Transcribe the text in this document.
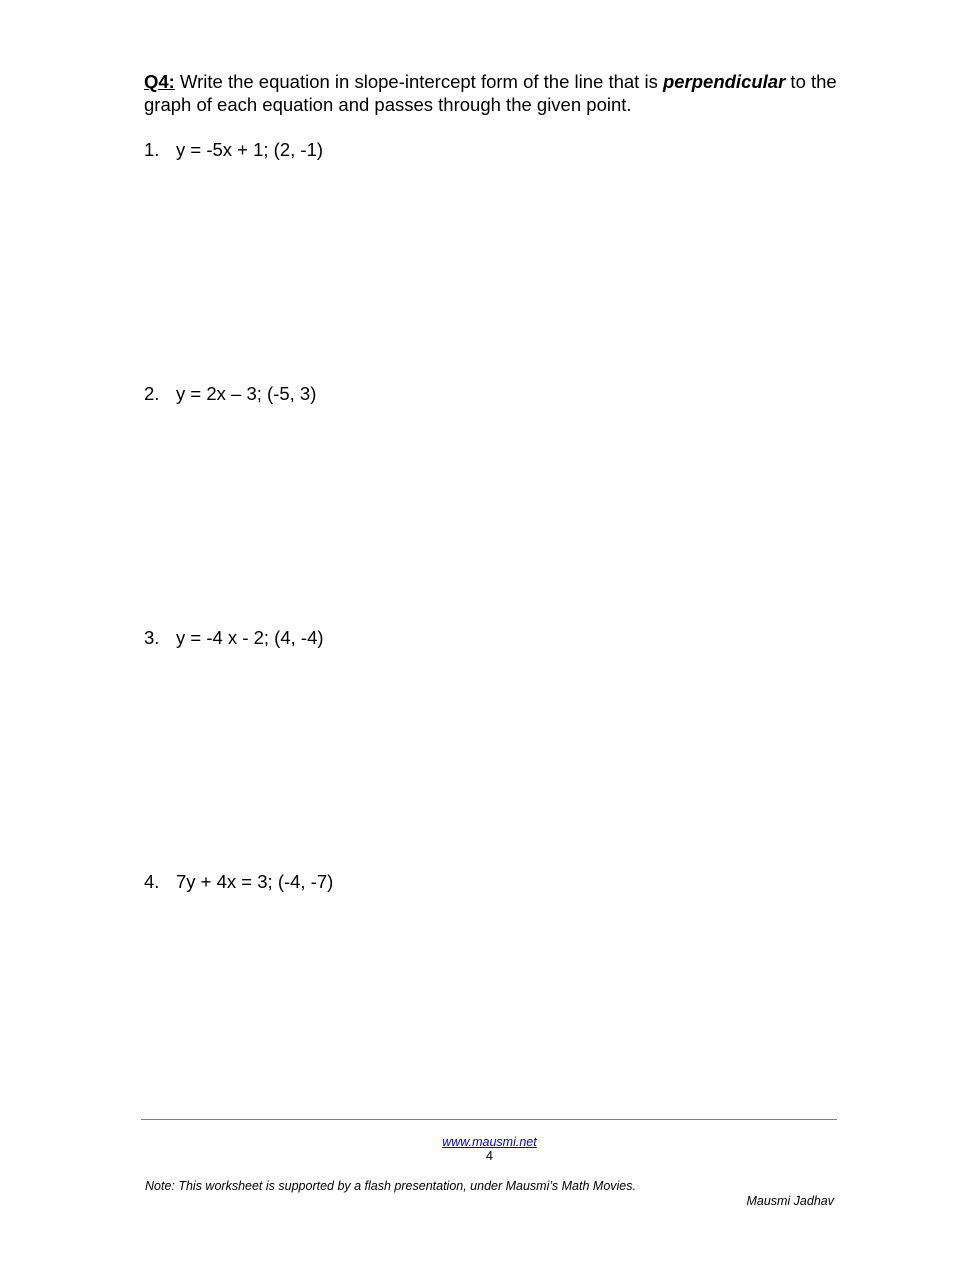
Q4: Write the equation in slope-intercept form of the line that is perpendicular to the graph of each equation and passes through the given point.
1. y = -5x + 1; (2, -1)
2. y = 2x – 3; (-5, 3)
3. y = -4 x - 2; (4, -4)
4. 7y + 4x = 3; (-4, -7)
www.mausmi.net
4
Note: This worksheet is supported by a flash presentation, under Mausmi’s Math Movies.
Mausmi Jadhav
